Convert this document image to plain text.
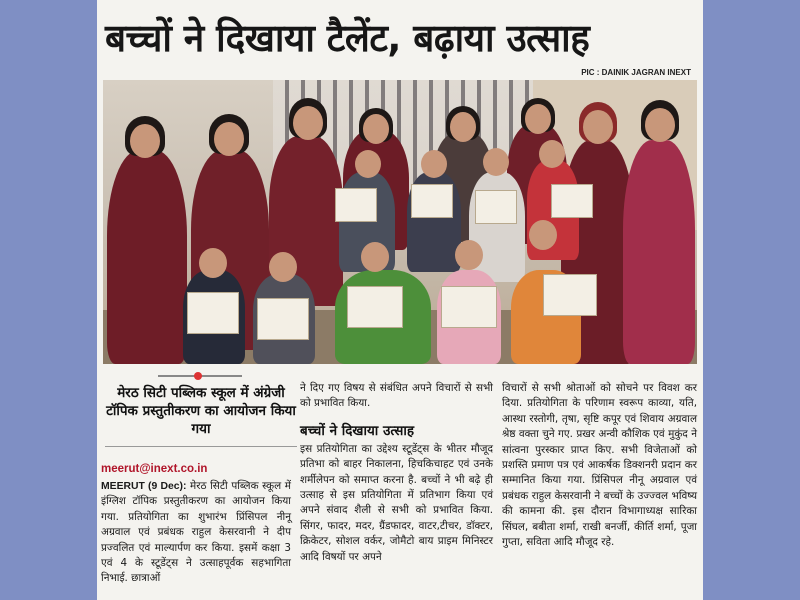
बच्चों ने दिखाया टैलेंट, बढ़ाया उत्साह
PIC : DAINIK JAGRAN INEXT
मेरठ सिटी पब्लिक स्कूल में अंग्रेजी टॉपिक प्रस्तुतीकरण का आयोजन किया गया
meerut@inext.co.in
MEERUT (9 Dec): मेरठ सिटी पब्लिक स्कूल में इंग्लिश टॉपिक प्रस्तुतीकरण का आयोजन किया गया. प्रतियोगिता का शुभारंभ प्रिंसिपल नीनू अग्रवाल एवं प्रबंधक राहुल केसरवानी ने दीप प्रज्वलित एवं माल्यार्पण कर किया. इसमें कक्षा 3 एवं 4 के स्टूडेंट्स ने उत्साहपूर्वक सहभागिता निभाई. छात्राओं
ने दिए गए विषय से संबंधित अपने विचारों से सभी को प्रभावित किया.
बच्चों ने दिखाया उत्साह
इस प्रतियोगिता का उद्देश्य स्टूडेंट्स के भीतर मौजूद प्रतिभा को बाहर निकालना, हिचकिचाहट एवं उनके शर्मीलेपन को समाप्त करना है. बच्चों ने भी बढ़े ही उत्साह से इस प्रतियोगिता में प्रतिभाग किया एवं अपने संवाद शैली से सभी को प्रभावित किया. सिंगर, फादर, मदर, ग्रैंडफादर, वाटर,टीचर, डॉक्टर, क्रिकेटर, सोशल वर्कर, जोमैटो बाय प्राइम मिनिस्टर आदि विषयों पर अपने
विचारों से सभी श्रोताओं को सोचने पर विवश कर दिया. प्रतियोगिता के परिणाम स्वरूप काव्या, यति, आस्था रस्तोगी, तृषा, सृष्टि कपूर एवं शिवाय अग्रवाल श्रेष्ठ वक्ता चुने गए. प्रखर अन्वी कौशिक एवं मुकुंद ने सांत्वना पुरस्कार प्राप्त किए. सभी विजेताओं को प्रशस्ति प्रमाण पत्र एवं आकर्षक डिक्शनरी प्रदान कर सम्मानित किया गया. प्रिंसिपल नीनू अग्रवाल एवं प्रबंधक राहुल केसरवानी ने बच्चों के उज्ज्वल भविष्य की कामना की. इस दौरान विभागाध्यक्ष सारिका सिंघल, बबीता शर्मा, राखी बनर्जी, कीर्ति शर्मा, पूजा गुप्ता, सविता आदि मौजूद रहे.
